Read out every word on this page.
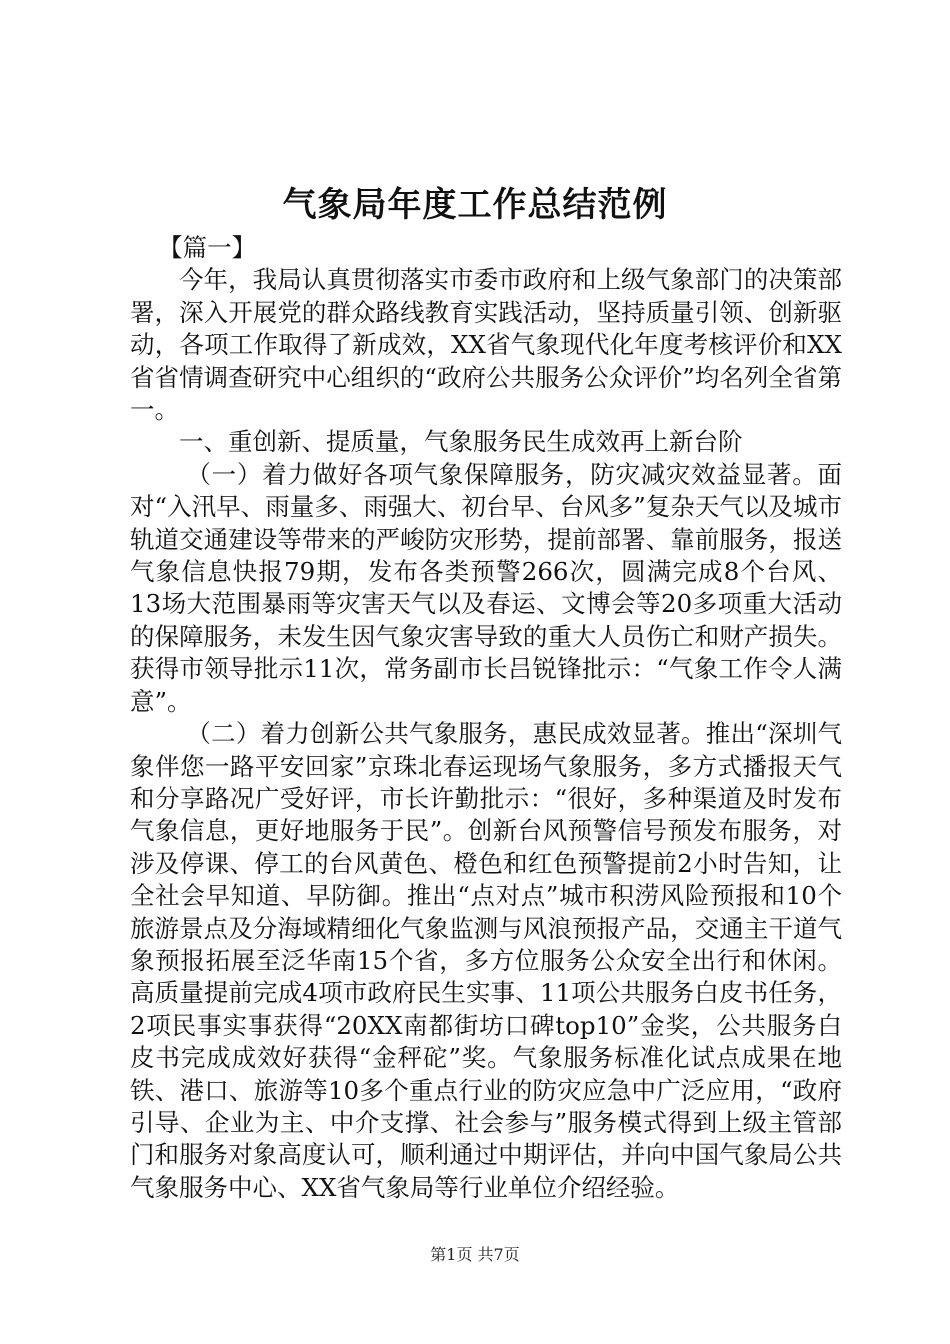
气象局年度工作总结范例

【篇一】

今年，我局认真贯彻落实市委市政府和上级气象部门的决策部署，深入开展党的群众路线教育实践活动，坚持质量引领、创新驱动，各项工作取得了新成效，XX省气象现代化年度考核评价和XX省省情调查研究中心组织的“政府公共服务公众评价”均名列全省第一。

一、重创新、提质量，气象服务民生成效再上新台阶

（一）着力做好各项气象保障服务，防灾减灾效益显著。面对“入汛早、雨量多、雨强大、初台早、台风多”复杂天气以及城市轨道交通建设等带来的严峻防灾形势，提前部署、靠前服务，报送气象信息快报79期，发布各类预警266次，圆满完成8个台风、13场大范围暴雨等灾害天气以及春运、文博会等20多项重大活动的保障服务，未发生因气象灾害导致的重大人员伤亡和财产损失。获得市领导批示11次，常务副市长吕锐锋批示：“气象工作令人满意”。

（二）着力创新公共气象服务，惠民成效显著。推出“深圳气象伴您一路平安回家”京珠北春运现场气象服务，多方式播报天气和分享路况广受好评，市长许勤批示：“很好，多种渠道及时发布气象信息，更好地服务于民”。创新台风预警信号预发布服务，对涉及停课、停工的台风黄色、橙色和红色预警提前2小时告知，让全社会早知道、早防御。推出“点对点”城市积涝风险预报和10个旅游景点及分海域精细化气象监测与风浪预报产品，交通主干道气象预报拓展至泛华南15个省，多方位服务公众安全出行和休闲。高质量提前完成4项市政府民生实事、11项公共服务白皮书任务，2项民事实事获得“20XX南都街坊口碑top10”金奖，公共服务白皮书完成成效好获得“金秤砣”奖。气象服务标准化试点成果在地铁、港口、旅游等10多个重点行业的防灾应急中广泛应用，“政府引导、企业为主、中介支撑、社会参与”服务模式得到上级主管部门和服务对象高度认可，顺利通过中期评估，并向中国气象局公共气象服务中心、XX省气象局等行业单位介绍经验。

第1页 共7页
